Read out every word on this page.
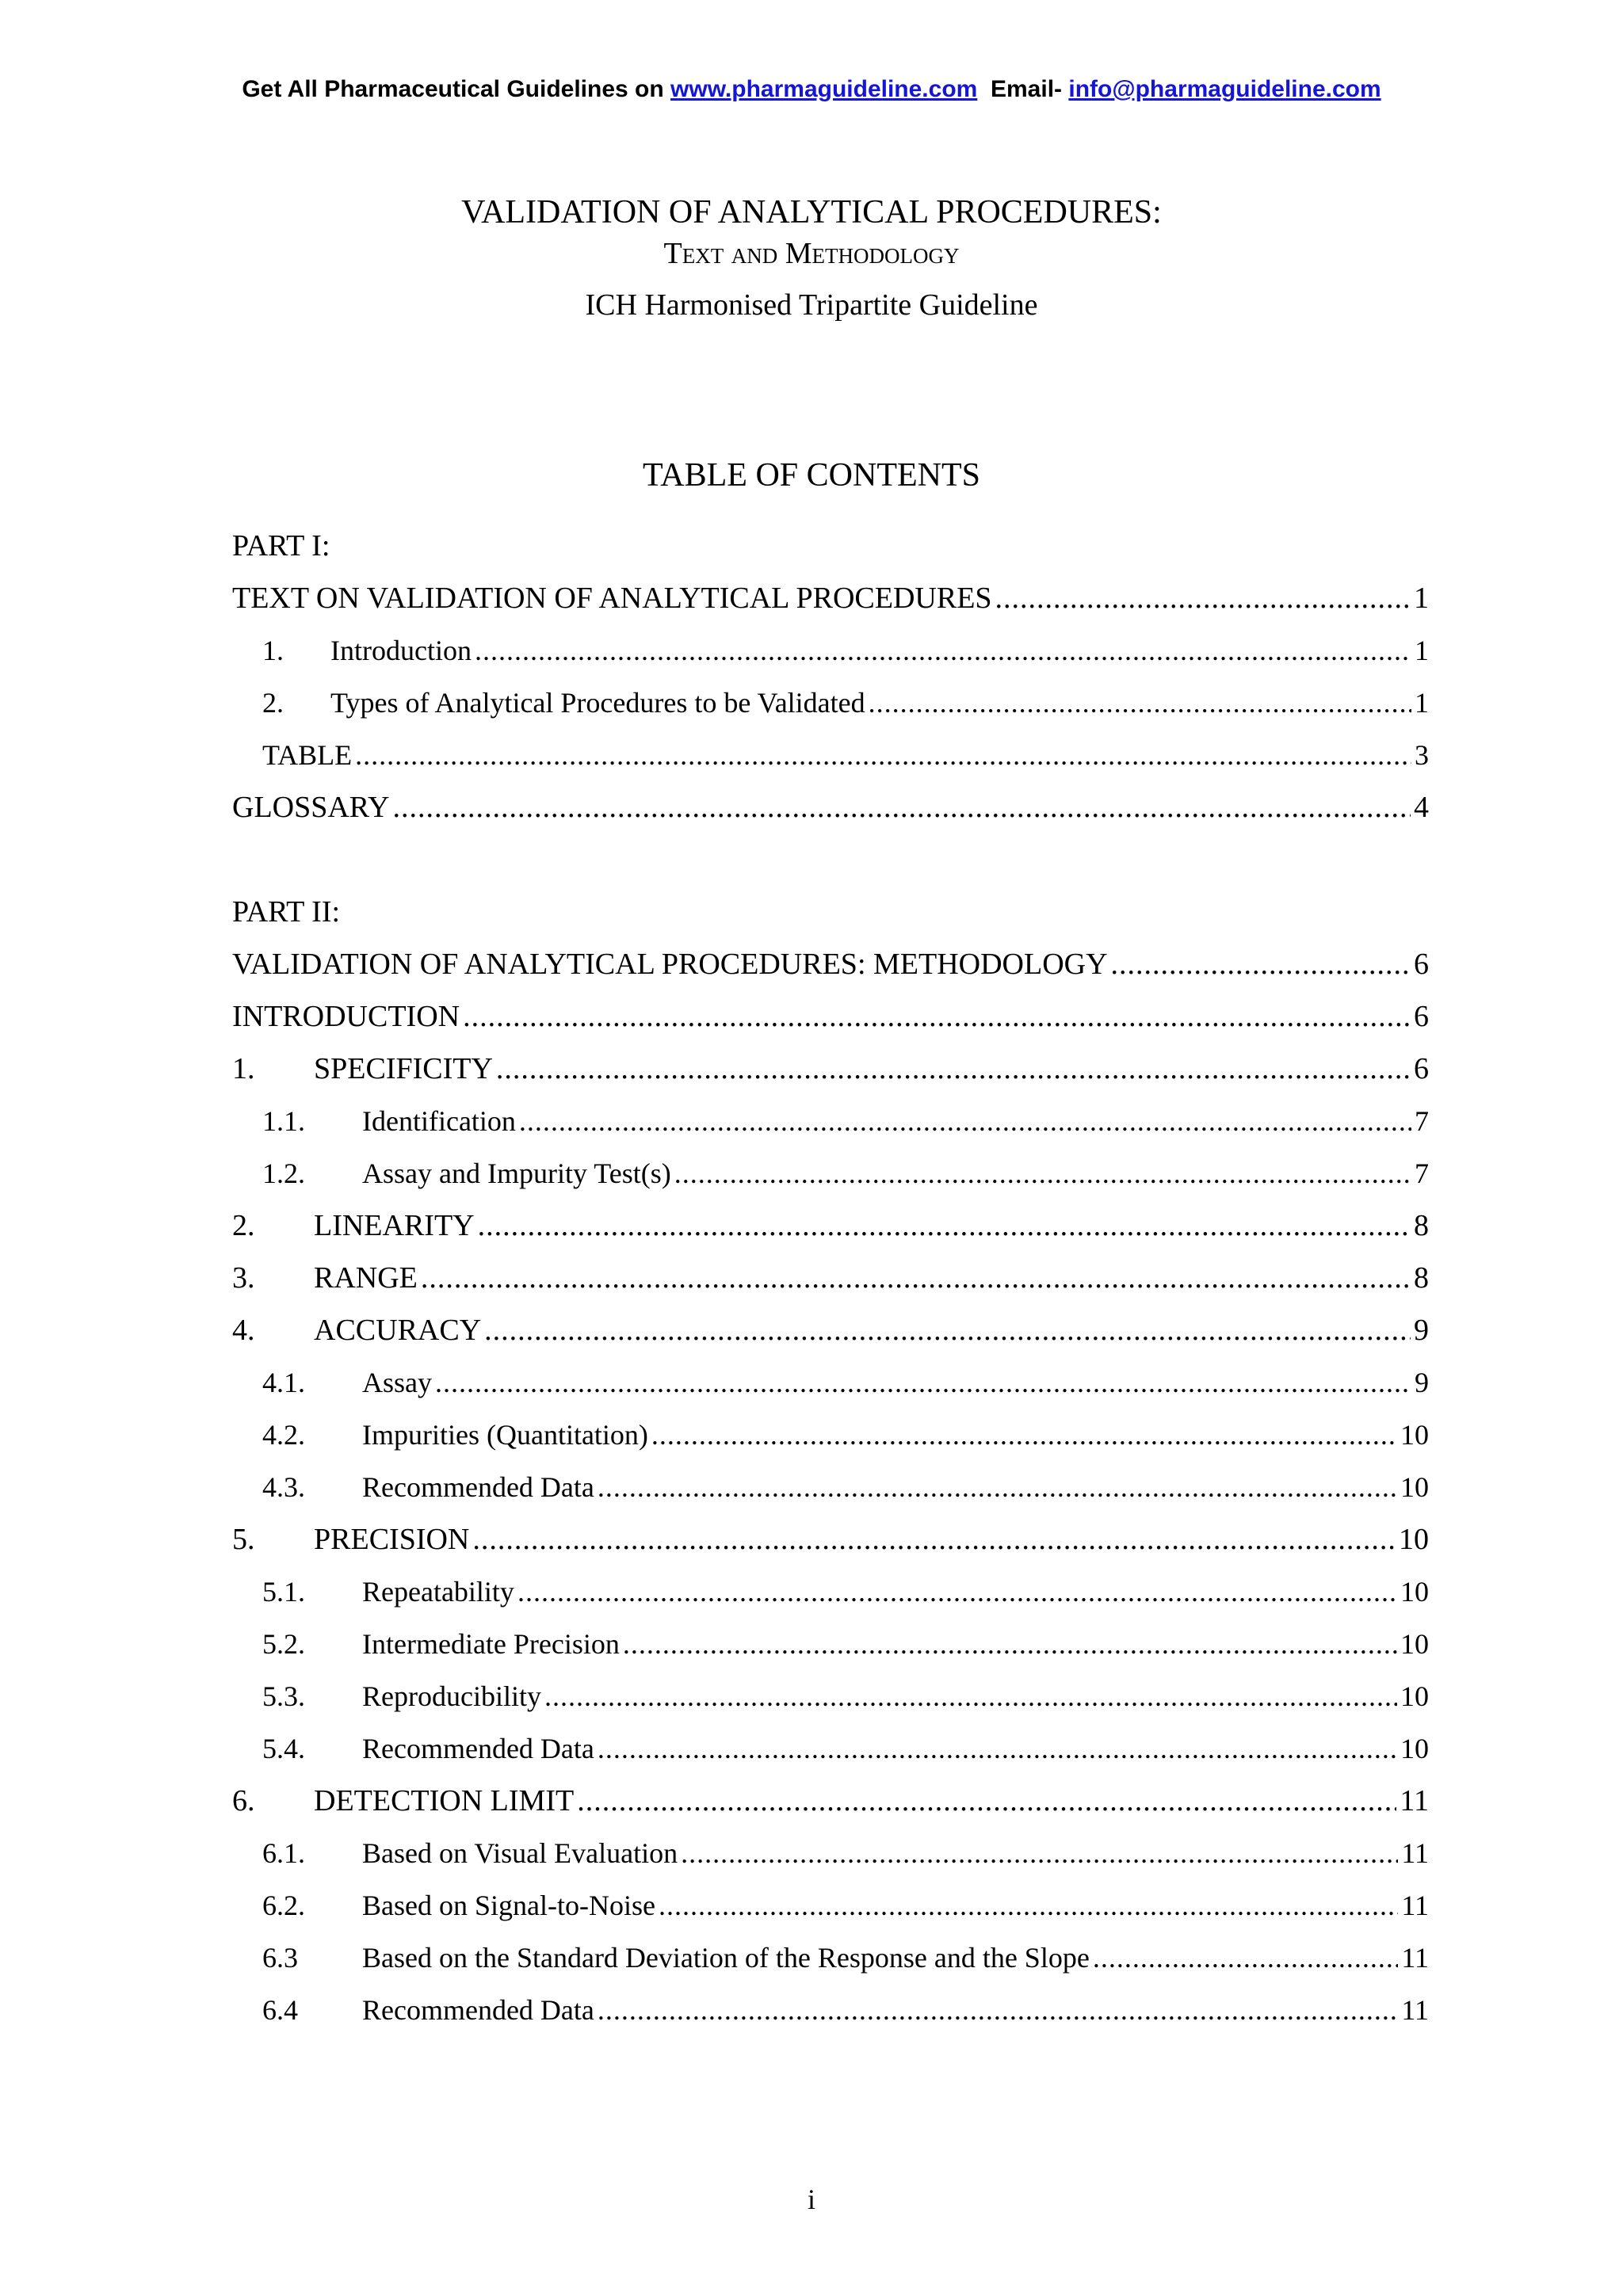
Get All Pharmaceutical Guidelines on www.pharmaguideline.com Email- info@pharmaguideline.com
VALIDATION OF ANALYTICAL PROCEDURES:
Text and Methodology
ICH Harmonised Tripartite Guideline
TABLE OF CONTENTS
PART I:
TEXT ON VALIDATION OF ANALYTICAL PROCEDURES .....	1
1.	Introduction .....	1
2.	Types of Analytical Procedures to be Validated .....	1
TABLE .....	3
GLOSSARY .....	4
PART II:
VALIDATION OF ANALYTICAL PROCEDURES: METHODOLOGY .....	6
INTRODUCTION .....	6
1.	SPECIFICITY .....	6
1.1.	Identification .....	7
1.2.	Assay and Impurity Test(s) .....	7
2.	LINEARITY .....	8
3.	RANGE .....	8
4.	ACCURACY .....	9
4.1.	Assay .....	9
4.2.	Impurities (Quantitation) .....	10
4.3.	Recommended Data .....	10
5.	PRECISION .....	10
5.1.	Repeatability .....	10
5.2.	Intermediate Precision .....	10
5.3.	Reproducibility .....	10
5.4.	Recommended Data .....	10
6.	DETECTION LIMIT .....	11
6.1.	Based on Visual Evaluation .....	11
6.2.	Based on Signal-to-Noise .....	11
6.3	Based on the Standard Deviation of the Response and the Slope .....	11
6.4	Recommended Data .....	11
i
